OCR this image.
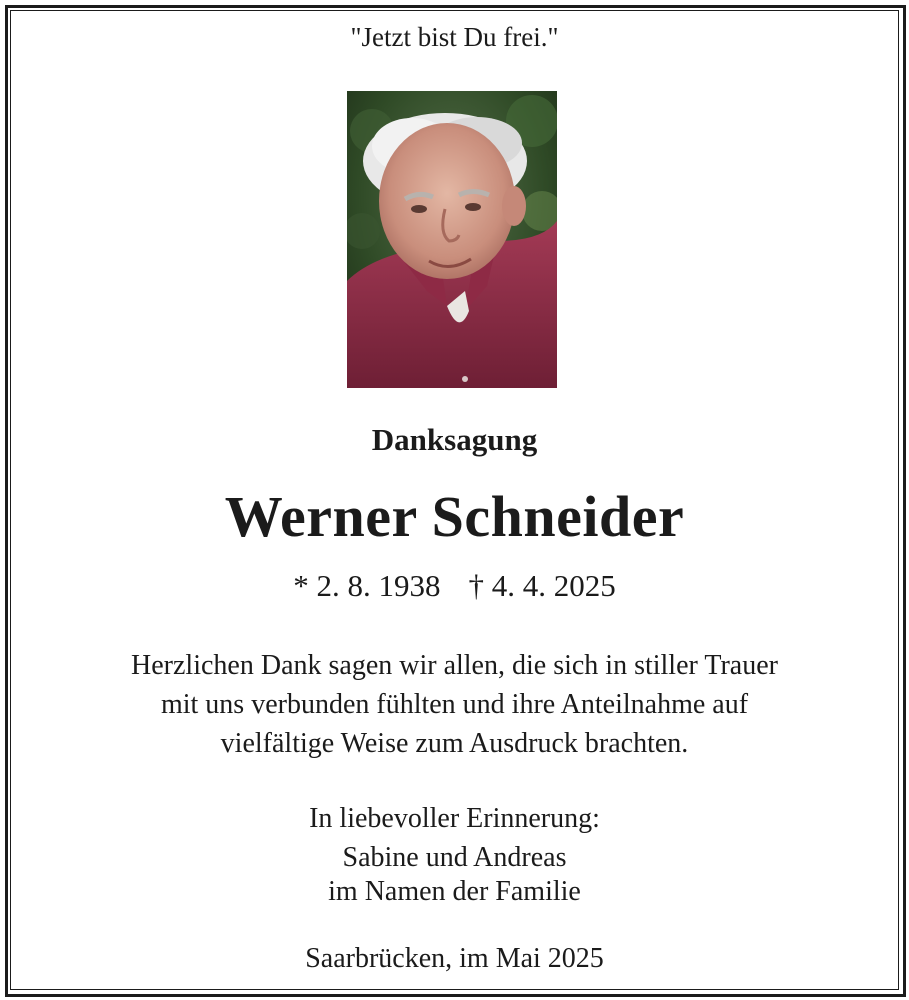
"Jetzt bist Du frei."
Danksagung
Werner Schneider
* 2. 8. 1938 † 4. 4. 2025
Herzlichen Dank sagen wir allen, die sich in stiller Trauer
mit uns verbunden fühlten und ihre Anteilnahme auf
vielfältige Weise zum Ausdruck brachten.
In liebevoller Erinnerung:
Sabine und Andreas
im Namen der Familie
Saarbrücken, im Mai 2025
